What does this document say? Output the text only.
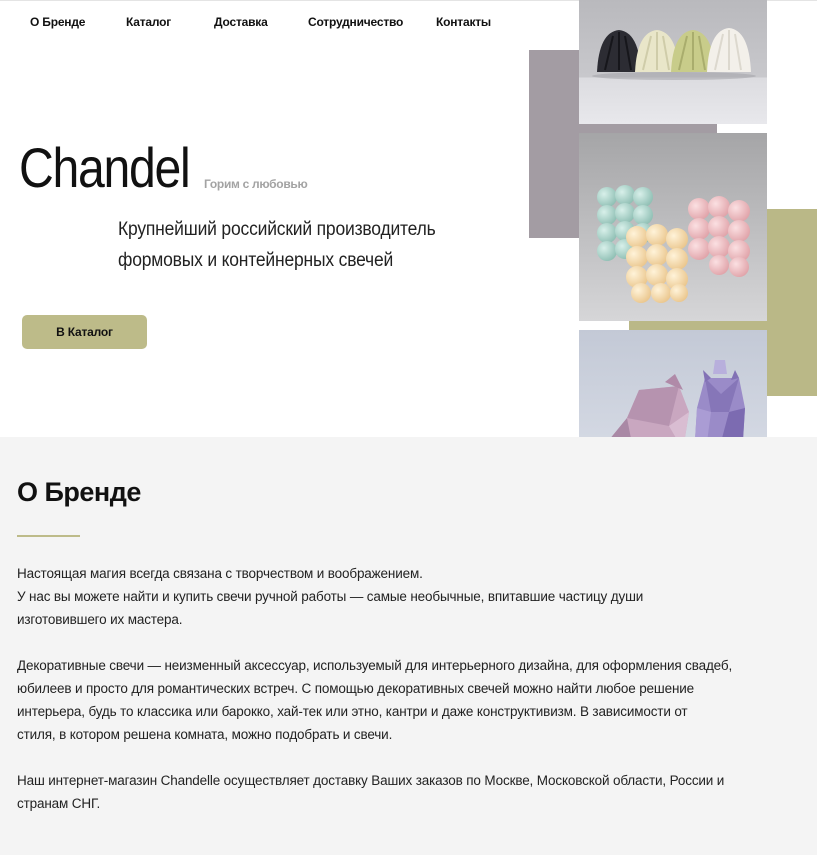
О Бренде	Каталог	Доставка	Сотрудничество	Контакты
Chandel Горим с любовью

Крупнейший российский производитель
формовых и контейнерных свечей

В Каталог
О Бренде
Настоящая магия всегда связана с творчеством и воображением.
У нас вы можете найти и купить свечи ручной работы — самые необычные, впитавшие частицу души
изготовившего их мастера.
Декоративные свечи — неизменный аксессуар, используемый для интерьерного дизайна, для оформления свадеб,
юбилеев и просто для романтических встреч. С помощью декоративных свечей можно найти любое решение
интерьера, будь то классика или барокко, хай-тек или этно, кантри и даже конструктивизм. В зависимости от
стиля, в котором решена комната, можно подобрать и свечи.
Наш интернет-магазин Chandelle осуществляет доставку Ваших заказов по Москве, Московской области, России и
странам СНГ.
